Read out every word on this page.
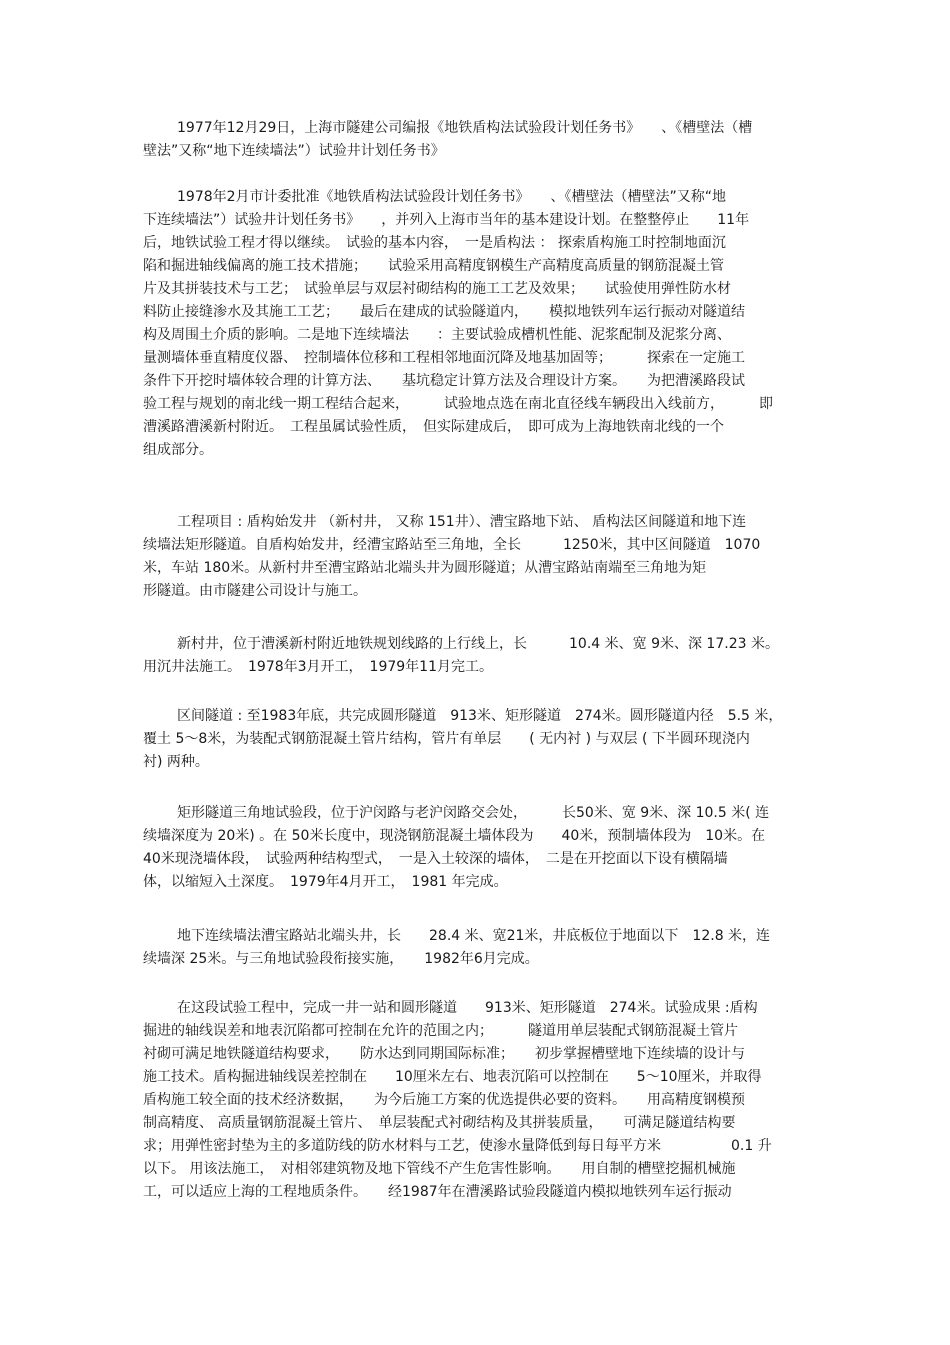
1977年12月29日，上海市隧建公司编报《地铁盾构法试验段计划任务书》　　、《槽壁法（槽
壁法”又称“地下连续墙法”）试验井计划任务书》
1978年2月市计委批准《地铁盾构法试验段计划任务书》　　、《槽壁法（槽壁法”又称“地
下连续墙法”）试验井计划任务书》　　，并列入上海市当年的基本建设计划。在整整停止　　11年
后，地铁试验工程才得以继续。　试验的基本内容，　一是盾构法 ： 探索盾构施工时控制地面沉
陷和掘进轴线偏离的施工技术措施；　　试验采用高精度钢模生产高精度高质量的钢筋混凝土管
片及其拼装技术与工艺；　试验单层与双层衬砌结构的施工工艺及效果；　　试验使用弹性防水材
料防止接缝渗水及其施工工艺；　　最后在建成的试验隧道内，　　模拟地铁列车运行振动对隧道结
构及周围土介质的影响。二是地下连续墙法　　：主要试验成槽机性能、泥浆配制及泥浆分离、
量测墙体垂直精度仪器、　控制墙体位移和工程相邻地面沉降及地基加固等；　　　探索在一定施工
条件下开挖时墙体较合理的计算方法、　　基坑稳定计算方法及合理设计方案。　　为把漕溪路段试
验工程与规划的南北线一期工程结合起来，　　　试验地点选在南北直径线车辆段出入线前方，　　　即
漕溪路漕溪新村附近。　工程虽属试验性质，　但实际建成后，　即可成为上海地铁南北线的一个
组成部分。
工程项目 : 盾构始发井 （新村井， 又称 151井）、漕宝路地下站、 盾构法区间隧道和地下连
续墙法矩形隧道。自盾构始发井，经漕宝路站至三角地，全长　　　1250米，其中区间隧道　1070
米，车站 180米。从新村井至漕宝路站北端头井为圆形隧道；从漕宝路站南端至三角地为矩
形隧道。由市隧建公司设计与施工。
新村井，位于漕溪新村附近地铁规划线路的上行线上，长　　　10.4 米、宽 9米、深 17.23 米。
用沉井法施工。　1978年3月开工，　1979年11月完工。
区间隧道 : 至1983年底，共完成圆形隧道　913米、矩形隧道　274米。圆形隧道内径　5.5 米，
覆土 5～8米，为装配式钢筋混凝土管片结构，管片有单层　　( 无内衬 ) 与双层 ( 下半圆环现浇内
衬) 两种。
矩形隧道三角地试验段，位于沪闵路与老沪闵路交会处，　　　长50米、宽 9米、深 10.5 米( 连
续墙深度为 20米) 。在 50米长度中，现浇钢筋混凝土墙体段为　　40米，预制墙体段为　10米。在
40米现浇墙体段，　试验两种结构型式，　一是入土较深的墙体，　二是在开挖面以下设有横隔墙
体，以缩短入土深度。　1979年4月开工，　1981 年完成。
地下连续墙法漕宝路站北端头井，长　　28.4 米、宽21米，井底板位于地面以下　12.8 米，连
续墙深 25米。与三角地试验段衔接实施，　　1982年6月完成。
在这段试验工程中，完成一井一站和圆形隧道　　913米、矩形隧道　274米。试验成果 :盾构
掘进的轴线误差和地表沉陷都可控制在允许的范围之内；　　　隧道用单层装配式钢筋混凝土管片
衬砌可满足地铁隧道结构要求，　　防水达到同期国际标准；　　初步掌握槽壁地下连续墙的设计与
施工技术。盾构掘进轴线误差控制在　　10厘米左右、地表沉陷可以控制在　　5～10厘米，并取得
盾构施工较全面的技术经济数据，　　为今后施工方案的优选提供必要的资料。　　用高精度钢模预
制高精度、 高质量钢筋混凝土管片、　单层装配式衬砌结构及其拼装质量，　　可满足隧道结构要
求；用弹性密封垫为主的多道防线的防水材料与工艺，使渗水量降低到每日每平方米　　　　　0.1 升
以下。 用该法施工，　对相邻建筑物及地下管线不产生危害性影响。　　用自制的槽壁挖掘机械施
工，可以适应上海的工程地质条件。　　经1987年在漕溪路试验段隧道内模拟地铁列车运行振动
